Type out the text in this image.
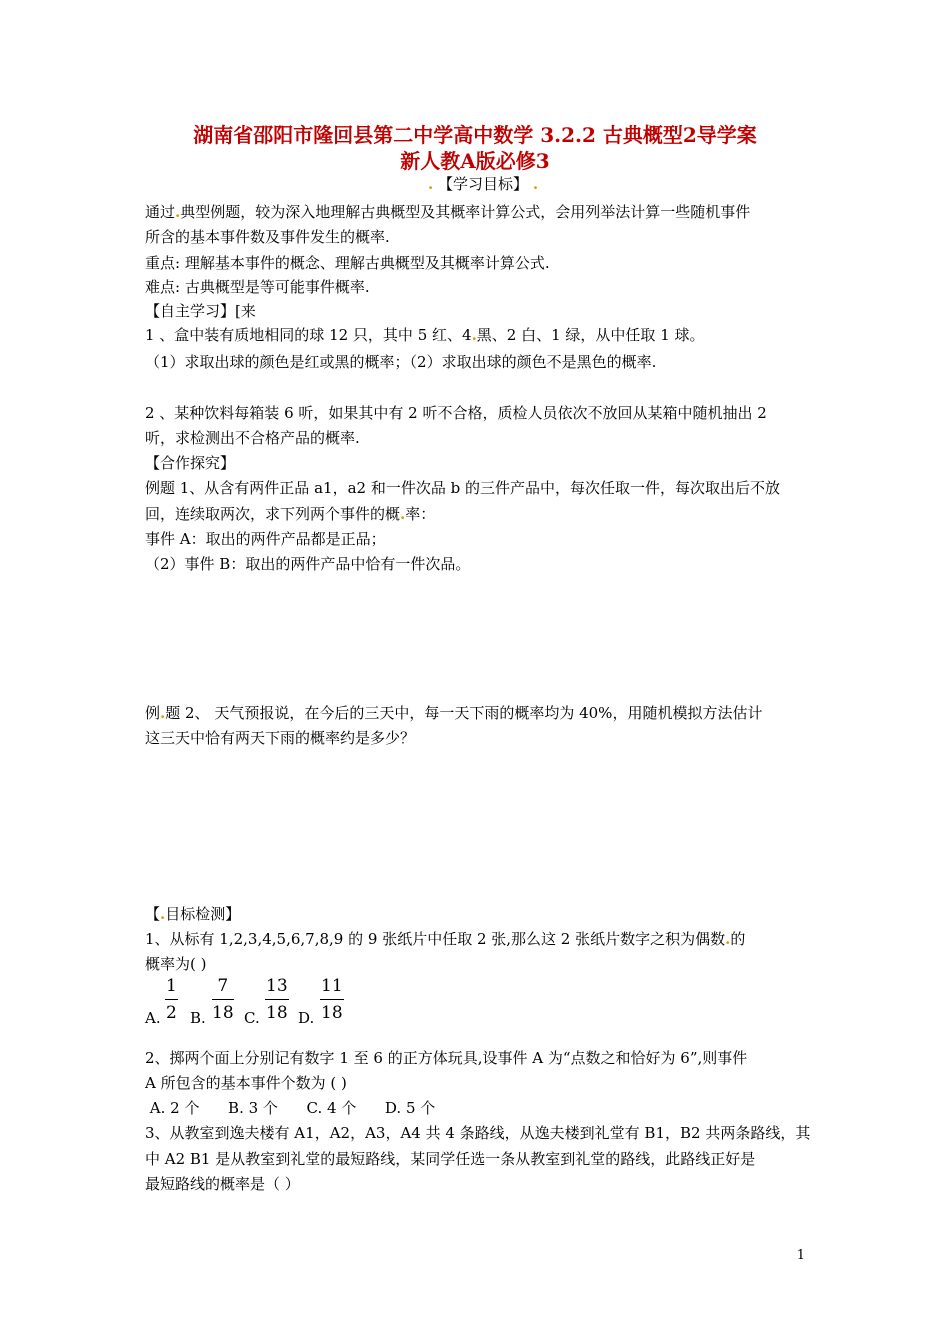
湖南省邵阳市隆回县第二中学高中数学 3.2.2 古典概型2导学案
新人教A版必修3
. 【学习目标】 .
通过.典型例题，较为深入地理解古典概型及其概率计算公式，会用列举法计算一些随机事件
所含的基本事件数及事件发生的概率.
重点: 理解基本事件的概念、理解古典概型及其概率计算公式.
难点: 古典概型是等可能事件概率.
【自主学习】[来
1 、盒中装有质地相同的球 12 只，其中 5 红、4.黑、2 白、1 绿，从中任取 1 球。
（1）求取出球的颜色是红或黑的概率；（2）求取出球的颜色不是黑色的概率.
2 、某种饮料每箱装 6 听，如果其中有 2 听不合格，质检人员依次不放回从某箱中随机抽出 2
听，求检测出不合格产品的概率.
【合作探究】
例题 1、从含有两件正品 a1，a2 和一件次品 b 的三件产品中，每次任取一件，每次取出后不放
回，连续取两次，求下列两个事件的概.率：
事件 A：取出的两件产品都是正品；
（2）事件 B：取出的两件产品中恰有一件次品。
例.题 2、 天气预报说，在今后的三天中，每一天下雨的概率均为 40%，用随机模拟方法估计
这三天中恰有两天下雨的概率约是多少？
【.目标检测】
1、从标有 1,2,3,4,5,6,7,8,9 的 9 张纸片中任取 2 张,那么这 2 张纸片数字之积为偶数.的
概率为( )
A. $\frac{1}{2} B$. $\frac{7}{18} C$. $\frac{13}{18} D$. $\frac{11}{18}$
2、掷两个面上分别记有数字 1 至 6 的正方体玩具,设事件 A 为“点数之和恰好为 6”,则事件
A 所包含的基本事件个数为 ( )
A. 2 个      B. 3 个      C. 4 个      D. 5 个
3、从教室到逸夫楼有 A1，A2，A3，A4 共 4 条路线，从逸夫楼到礼堂有 B1，B2 共两条路线，其
中 A2 B1 是从教室到礼堂的最短路线，某同学任选一条从教室到礼堂的路线，此路线正好是
最短路线的概率是（ ）
1
